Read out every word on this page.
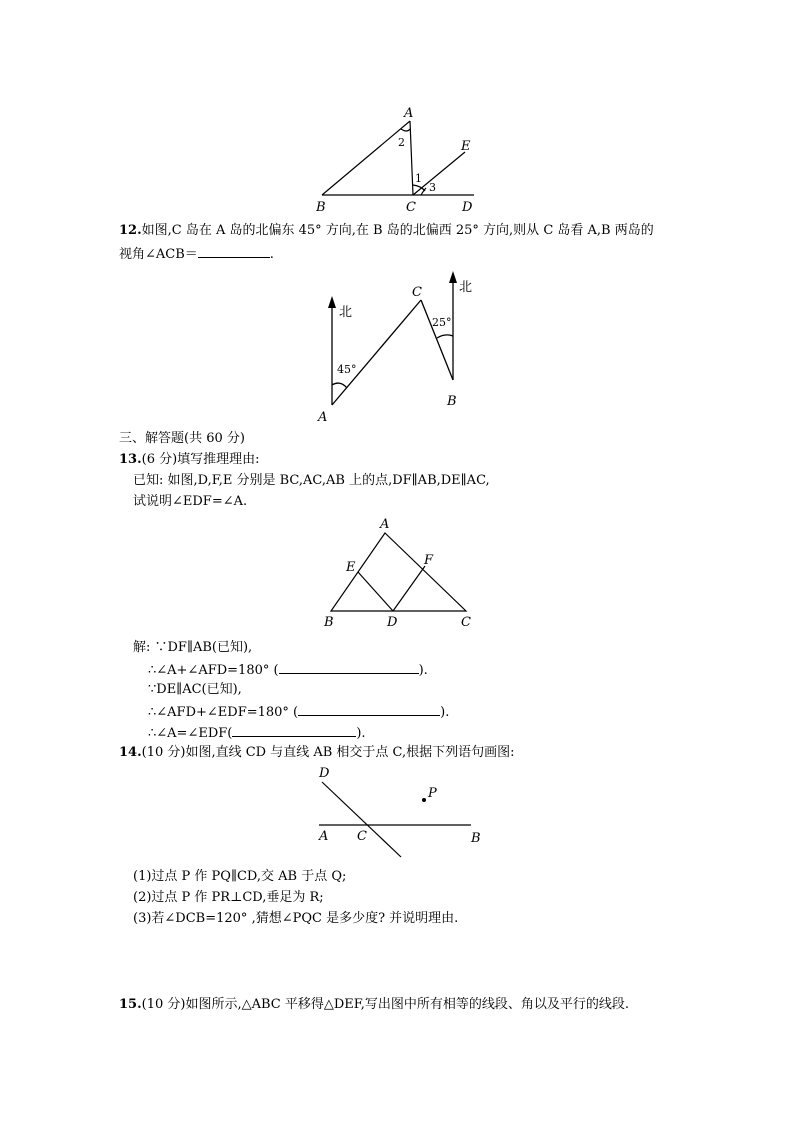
A
B	C	D
E
1
2
3
北
北
A
B
C
45°
25°
A
B	C
D
E	F
A	B
C
D
P
12.如图,C 岛在 A 岛的北偏东 45° 方向,在 B 岛的北偏西 25° 方向,则从 C 岛看 A,B 两岛的
视角∠ACB＝	.
三、解答题(共 60 分)
13.(6 分)填写推理理由:
已知: 如图,D,F,E 分别是 BC,AC,AB 上的点,DF∥AB,DE∥AC,
试说明∠EDF=∠A.
解: ∵DF∥AB(已知),
∴∠A+∠AFD=180° (	).
∵DE∥AC(已知),
∴∠AFD+∠EDF=180° (	).
∴∠A=∠EDF(	).
14.(10 分)如图,直线 CD 与直线 AB 相交于点 C,根据下列语句画图:
(1)过点 P 作 PQ∥CD,交 AB 于点 Q;
(2)过点 P 作 PR⊥CD,垂足为 R;
(3)若∠DCB=120° ,猜想∠PQC 是多少度? 并说明理由.
15.(10 分)如图所示,△ABC 平移得△DEF,写出图中所有相等的线段、角以及平行的线段.
